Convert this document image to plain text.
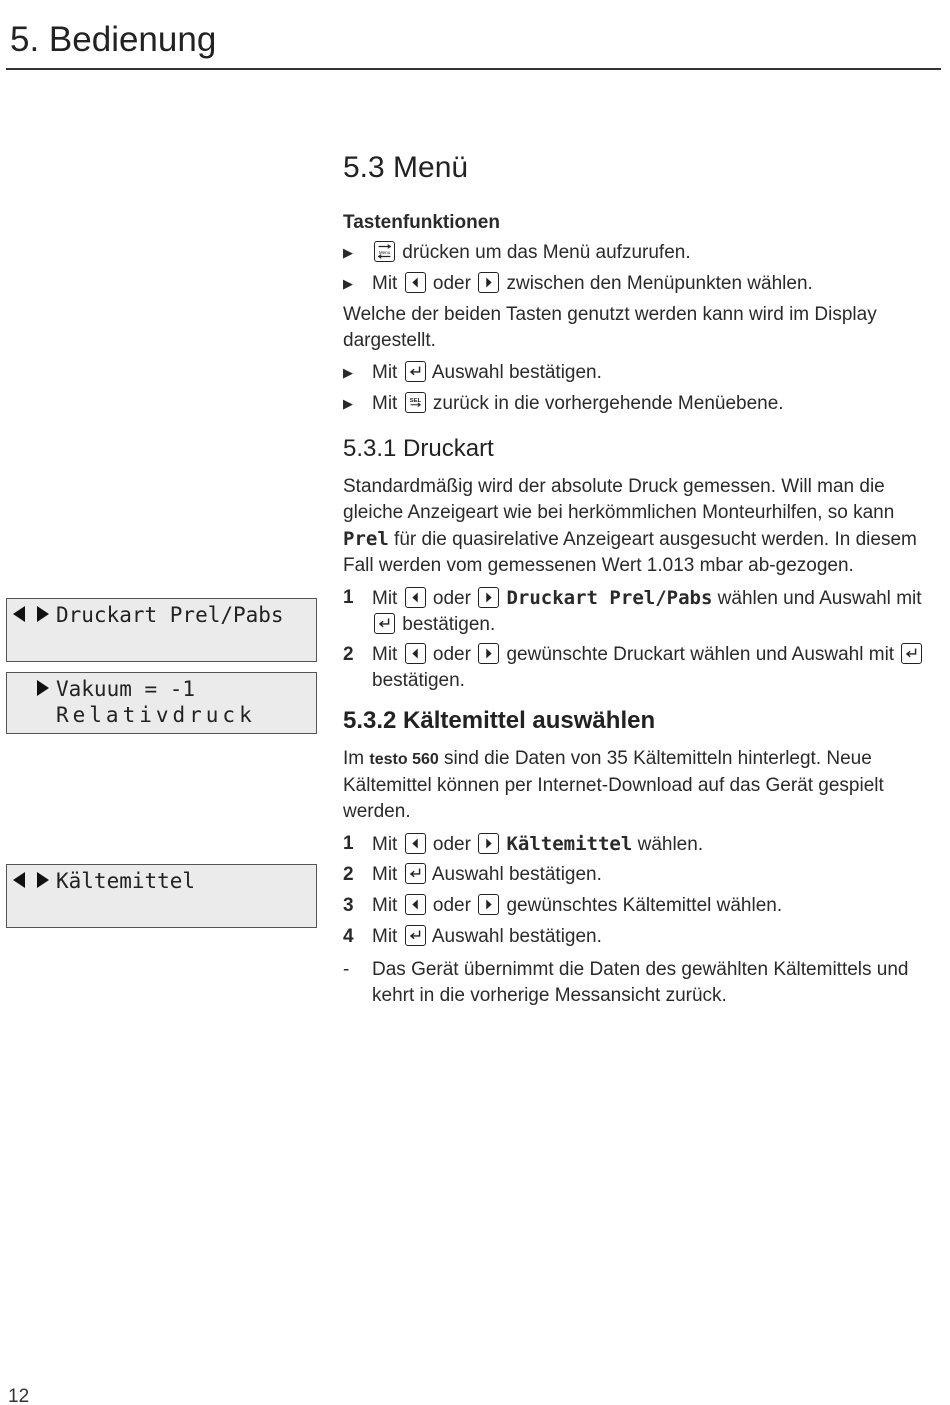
5. Bedienung
Druckart Prel/Pabs
Vakuum = -1
Relativdruck
Kältemittel
5.3 Menü
Tastenfunktionen
▶	Menu drücken um das Menü aufzurufen.
▶	Mit oder zwischen den Menüpunkten wählen.

Welche der beiden Tasten genutzt werden kann wird im Display dargestellt.

▶	Mit Auswahl bestätigen.
▶	Mit SEL zurück in die vorhergehende Menüebene.
5.3.1 Druckart

Standardmäßig wird der absolute Druck gemessen. Will man die gleiche Anzeigeart wie bei herkömmlichen Monteurhilfen, so kann Prel für die quasirelative Anzeigeart ausgesucht werden. In diesem Fall werden vom gemessenen Wert 1.013 mbar ab-gezogen.

1 Mit oder Druckart Prel/Pabs wählen und Auswahl mit
bestätigen.
2 Mit oder gewünschte Druckart wählen und Auswahl mit
bestätigen.
5.3.2 Kältemittel auswählen

Im testo 560 sind die Daten von 35 Kältemitteln hinterlegt. Neue Kältemittel können per Internet-Download auf das Gerät gespielt werden.

1 Mit oder Kältemittel wählen.
2 Mit Auswahl bestätigen.
3 Mit oder gewünschtes Kältemittel wählen.
4 Mit Auswahl bestätigen.
-	Das Gerät übernimmt die Daten des gewählten Kältemittels und kehrt in die vorherige Messansicht zurück.
12
